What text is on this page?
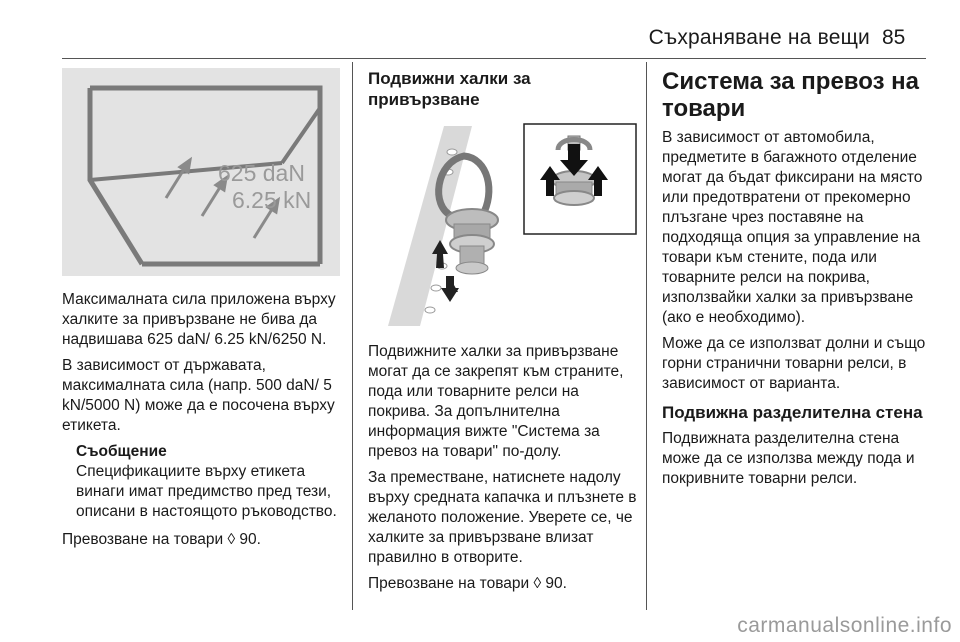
Съхраняване на вещи 85
625 daN
6.25 kN

Максималната сила приложена върху халките за привързване не бива да надвишава 625 daN/ 6.25 kN/6250 N.

В зависимост от държавата, максималната сила (напр. 500 daN/ 5 kN/5000 N) може да е посочена върху етикета.

Съобщение
Спецификациите върху етикета винаги имат предимство пред тези, описани в настоящото ръководство.

Превозване на товари ◊ 90.

Подвижни халки за привързване

Подвижните халки за привързване могат да се закрепят към страните, пода или товарните релси на покрива. За допълнителна информация вижте "Система за превоз на товари" по-долу.

За преместване, натиснете надолу върху средната капачка и плъзнете в желаното положение. Уверете се, че халките за привързване влизат правилно в отворите.

Превозване на товари ◊ 90.

Система за превоз на товари

В зависимост от автомобила, предметите в багажното отделение могат да бъдат фиксирани на място или предотвратени от прекомерно плъзгане чрез поставяне на подходяща опция за управление на товари към стените, пода или товарните релси на покрива, използвайки халки за привързване (ако е необходимо).

Може да се използват долни и също горни странични товарни релси, в зависимост от варианта.

Подвижна разделителна стена

Подвижната разделителна стена може да се използва между пода и покривните товарни релси.

carmanualsonline.info
